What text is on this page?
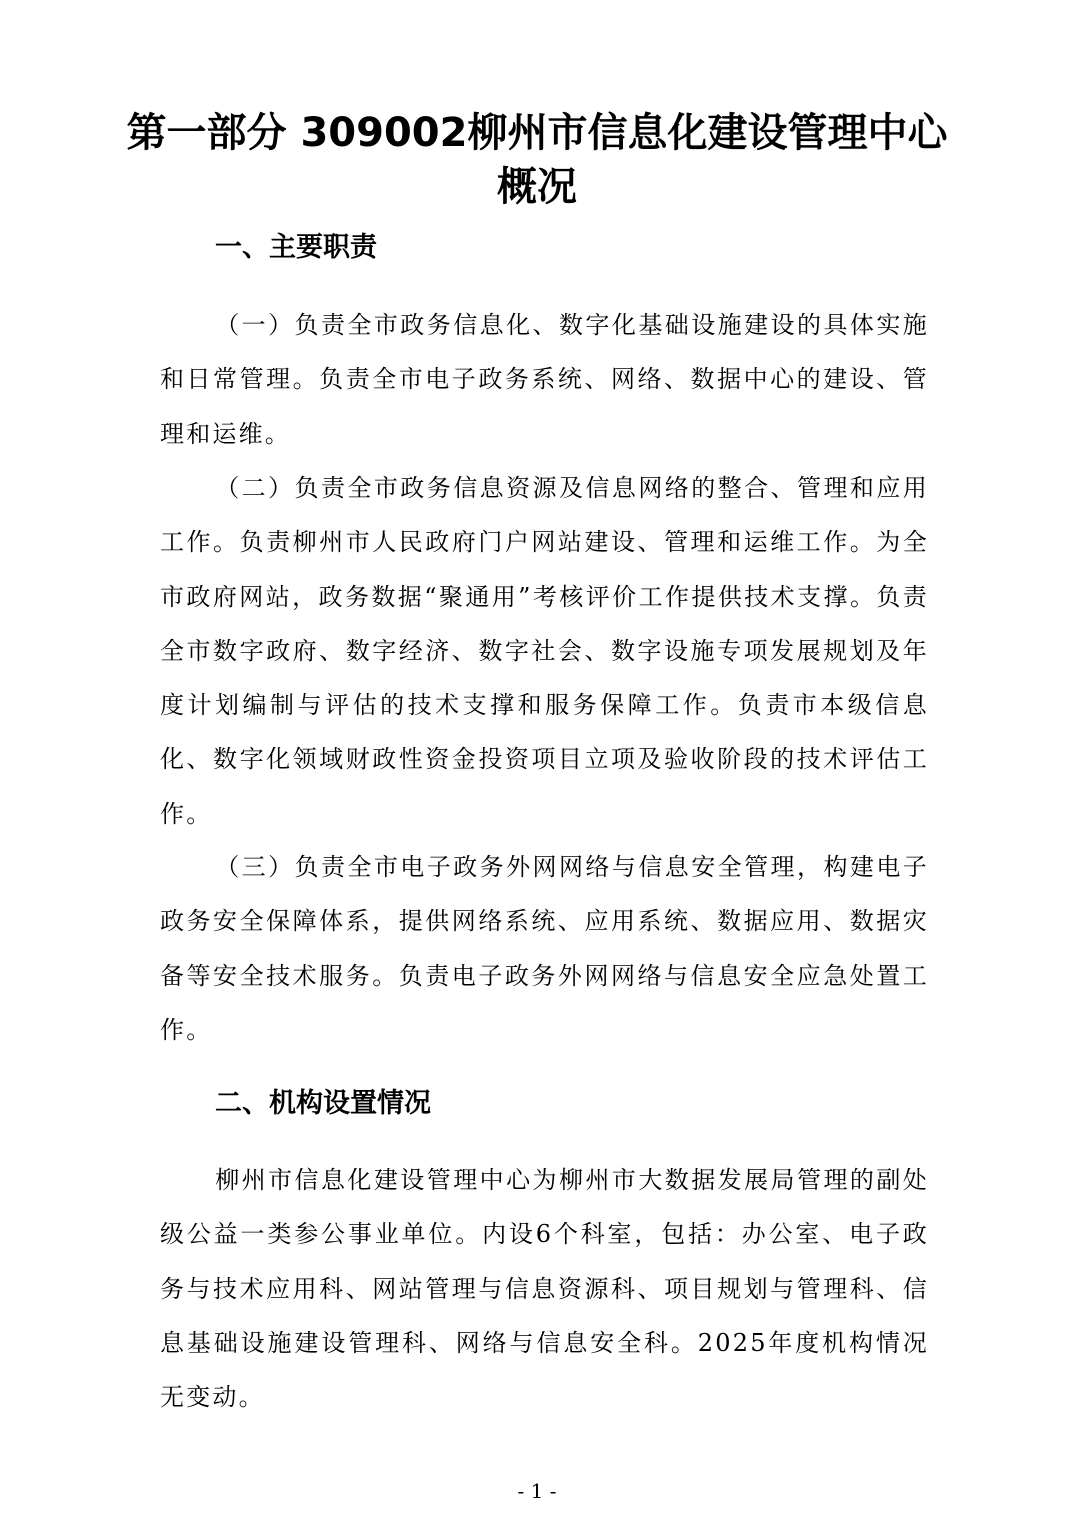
第一部分 309002柳州市信息化建设管理中心概况
一、主要职责

（一）负责全市政务信息化、数字化基础设施建设的具体实施和日常管理。负责全市电子政务系统、网络、数据中心的建设、管理和运维。

（二）负责全市政务信息资源及信息网络的整合、管理和应用工作。负责柳州市人民政府门户网站建设、管理和运维工作。为全市政府网站，政务数据“聚通用”考核评价工作提供技术支撑。负责全市数字政府、数字经济、数字社会、数字设施专项发展规划及年度计划编制与评估的技术支撑和服务保障工作。负责市本级信息化、数字化领域财政性资金投资项目立项及验收阶段的技术评估工作。

（三）负责全市电子政务外网网络与信息安全管理，构建电子政务安全保障体系，提供网络系统、应用系统、数据应用、数据灾备等安全技术服务。负责电子政务外网网络与信息安全应急处置工作。

二、机构设置情况

柳州市信息化建设管理中心为柳州市大数据发展局管理的副处级公益一类参公事业单位。内设6个科室，包括：办公室、电子政务与技术应用科、网站管理与信息资源科、项目规划与管理科、信息基础设施建设管理科、网络与信息安全科。2025年度机构情况无变动。

- 1 -
